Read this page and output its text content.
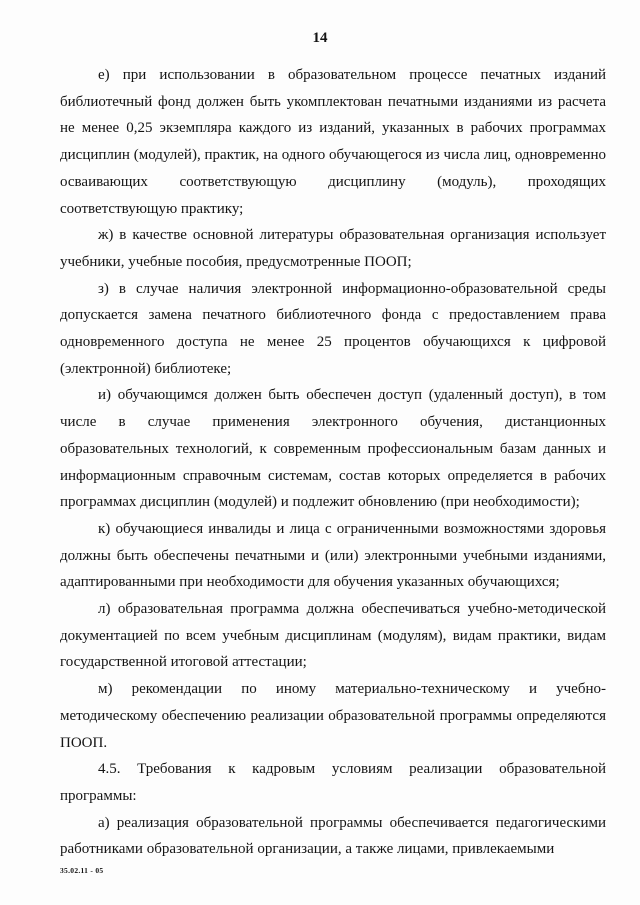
14

е) при использовании в образовательном процессе печатных изданий библиотечный фонд должен быть укомплектован печатными изданиями из расчета не менее 0,25 экземпляра каждого из изданий, указанных в рабочих программах дисциплин (модулей), практик, на одного обучающегося из числа лиц, одновременно осваивающих соответствующую дисциплину (модуль), проходящих соответствующую практику;

ж) в качестве основной литературы образовательная организация использует учебники, учебные пособия, предусмотренные ПООП;

з) в случае наличия электронной информационно-образовательной среды допускается замена печатного библиотечного фонда с предоставлением права одновременного доступа не менее 25 процентов обучающихся к цифровой (электронной) библиотеке;

и) обучающимся должен быть обеспечен доступ (удаленный доступ), в том числе в случае применения электронного обучения, дистанционных образовательных технологий, к современным профессиональным базам данных и информационным справочным системам, состав которых определяется в рабочих программах дисциплин (модулей) и подлежит обновлению (при необходимости);

к) обучающиеся инвалиды и лица с ограниченными возможностями здоровья должны быть обеспечены печатными и (или) электронными учебными изданиями, адаптированными при необходимости для обучения указанных обучающихся;

л) образовательная программа должна обеспечиваться учебно-методической документацией по всем учебным дисциплинам (модулям), видам практики, видам государственной итоговой аттестации;

м) рекомендации по иному материально-техническому и учебно-методическому обеспечению реализации образовательной программы определяются ПООП.

4.5. Требования к кадровым условиям реализации образовательной программы:

а) реализация образовательной программы обеспечивается педагогическими работниками образовательной организации, а также лицами, привлекаемыми

35.02.11 - 05
